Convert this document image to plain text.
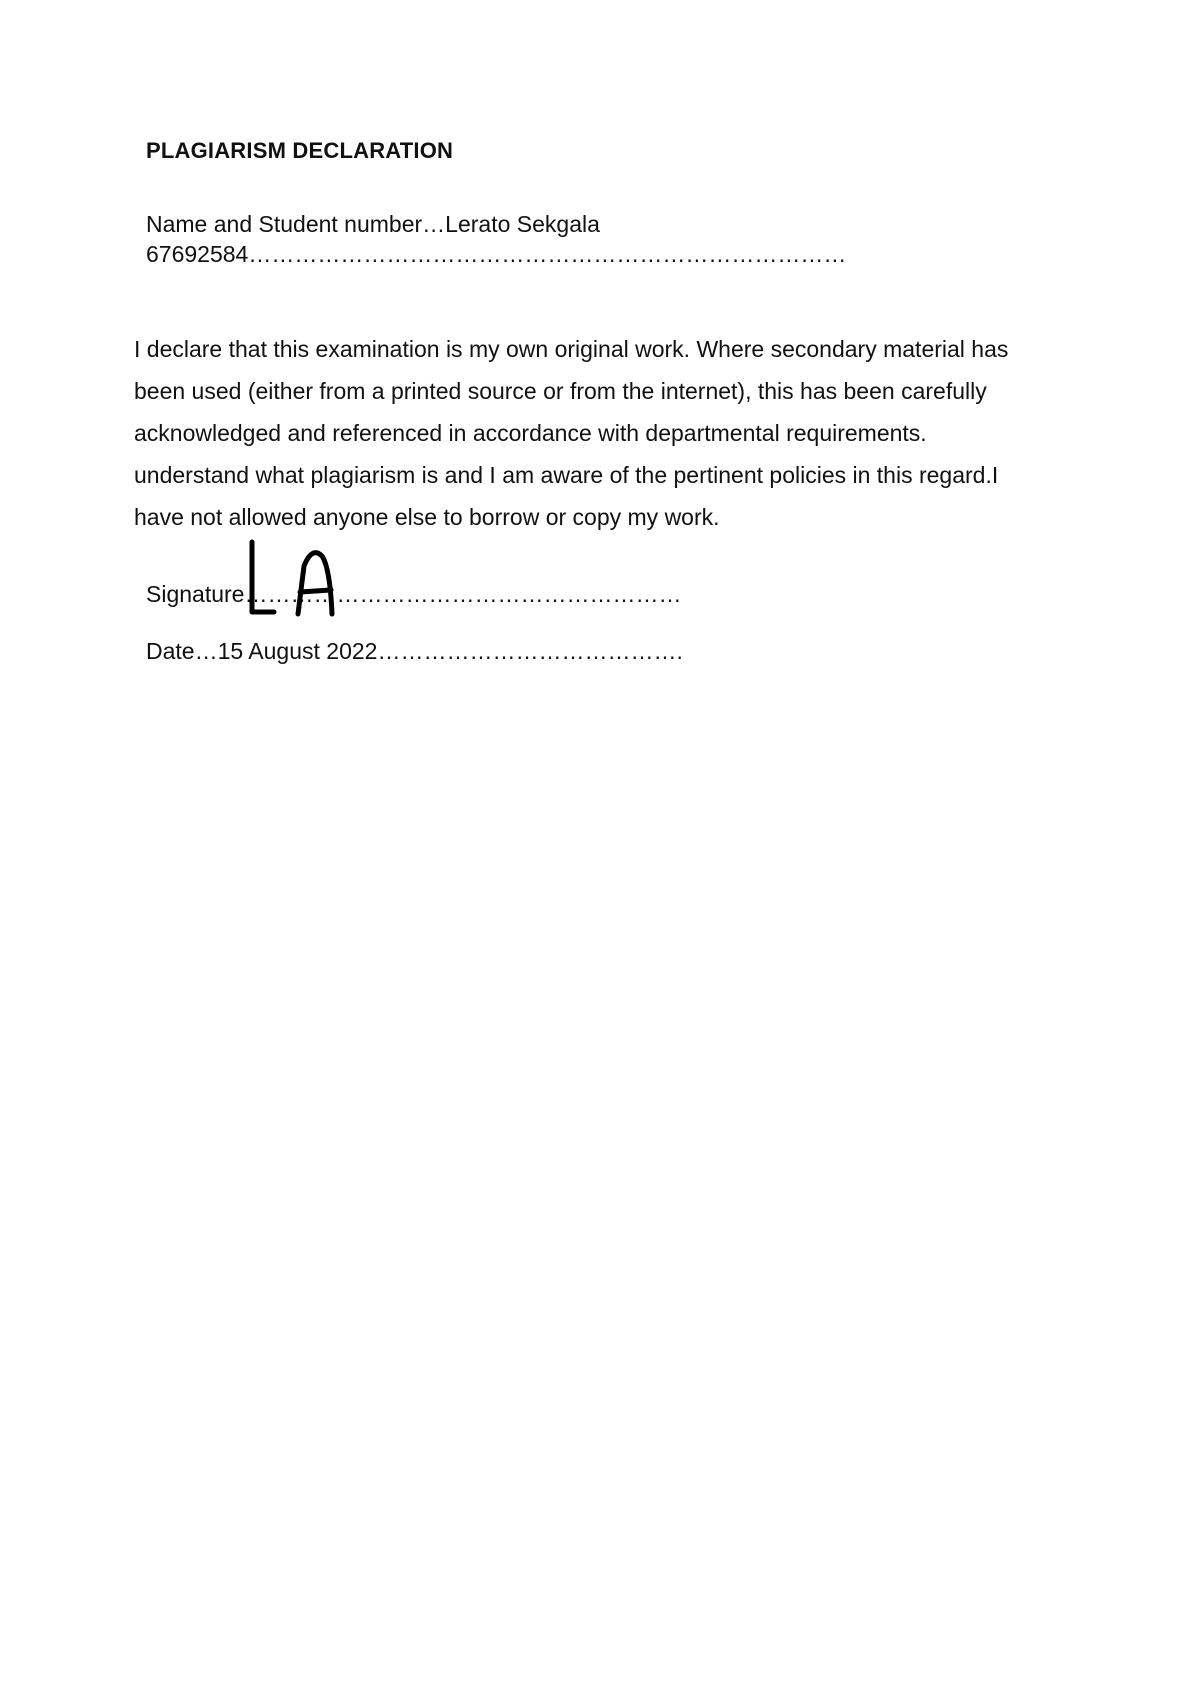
PLAGIARISM DECLARATION
Name and Student number…Lerato Sekgala
67692584……………………………………………………………………
I declare that this examination is my own original work. Where secondary material has
been used (either from a printed source or from the internet), this has been carefully
acknowledged and referenced in accordance with departmental requirements.
understand what plagiarism is and I am aware of the pertinent policies in this regard.I
have not allowed anyone else to borrow or copy my work.
Signature…………………………………………………
Date…15 August 2022………………………………….
